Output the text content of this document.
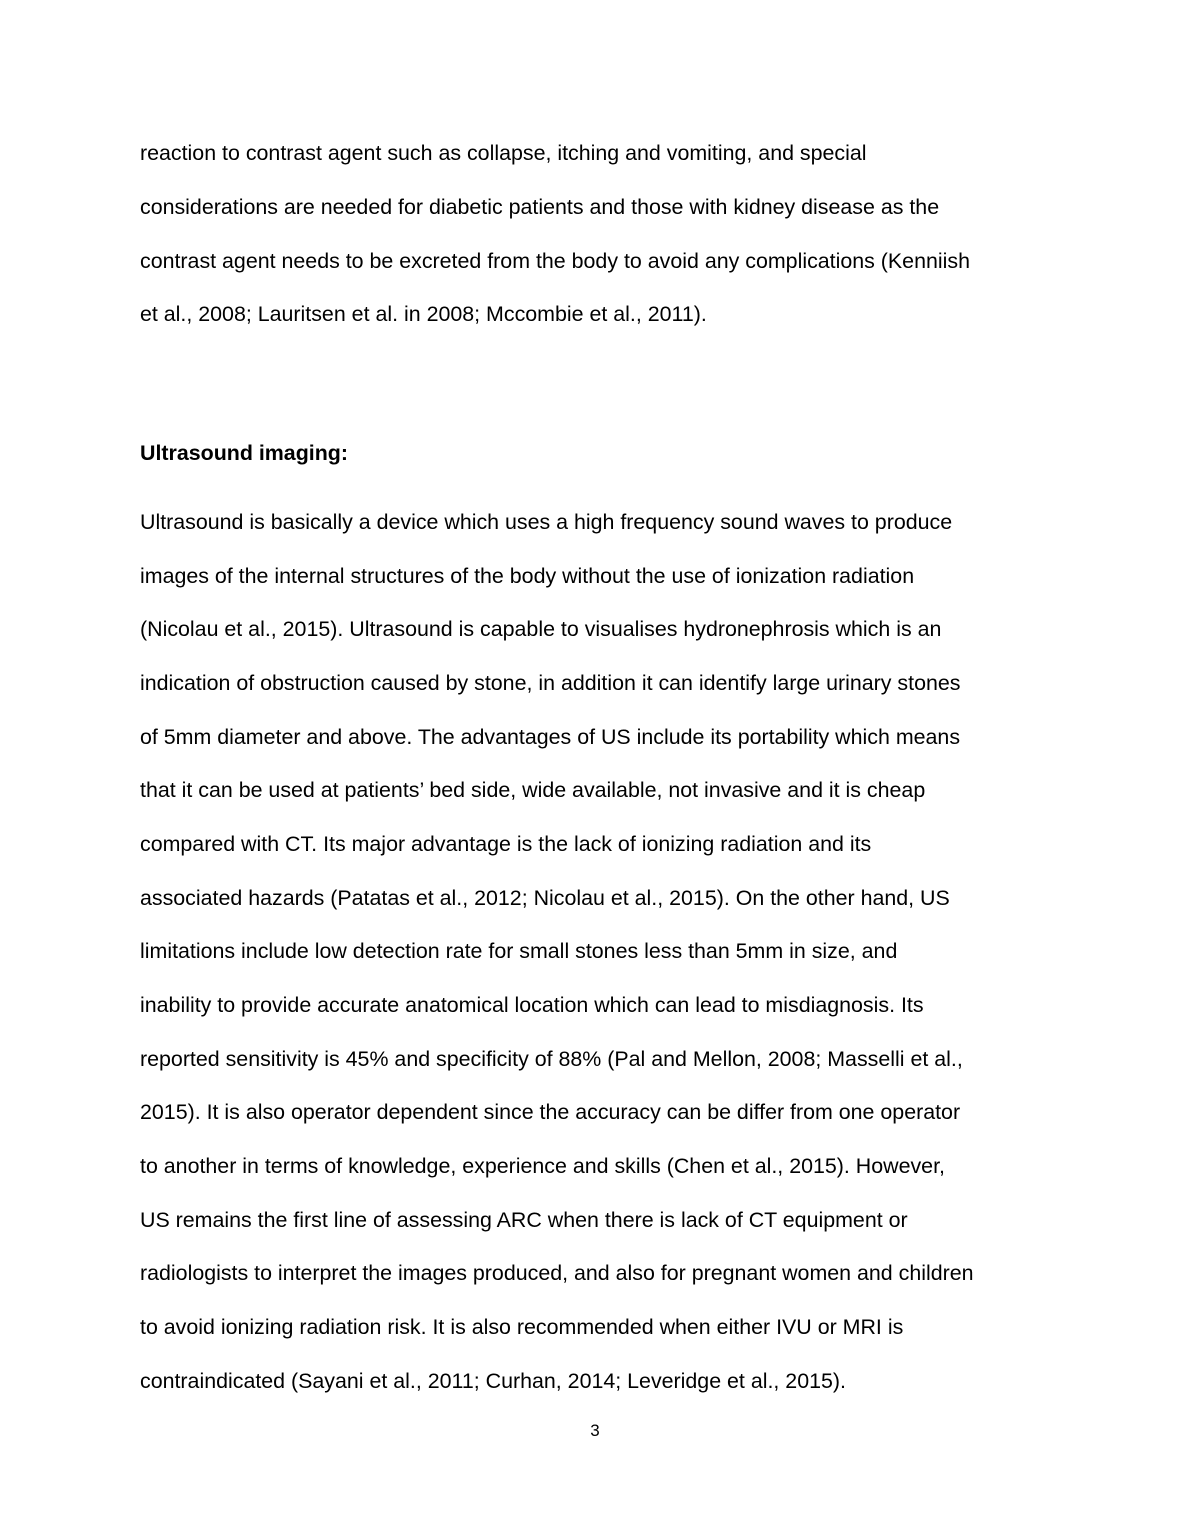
reaction to contrast agent such as collapse, itching and vomiting, and special

considerations are needed for diabetic patients and those with kidney disease as the

contrast agent needs to be excreted from the body to avoid any complications (Kenniish

et al., 2008; Lauritsen et al. in 2008; Mccombie et al., 2011).

Ultrasound imaging:

Ultrasound is basically a device which uses a high frequency sound waves to produce

images of the internal structures of the body without the use of ionization radiation

(Nicolau et al., 2015). Ultrasound is capable to visualises hydronephrosis which is an

indication of obstruction caused by stone, in addition it can identify large urinary stones

of 5mm diameter and above. The advantages of US include its portability which means

that it can be used at patients’ bed side, wide available, not invasive and it is cheap

compared with CT. Its major advantage is the lack of ionizing radiation and its

associated hazards (Patatas et al., 2012; Nicolau et al., 2015). On the other hand, US

limitations include low detection rate for small stones less than 5mm in size, and

inability to provide accurate anatomical location which can lead to misdiagnosis. Its

reported sensitivity is 45% and specificity of 88% (Pal and Mellon, 2008; Masselli et al.,

2015). It is also operator dependent since the accuracy can be differ from one operator

to another in terms of knowledge, experience and skills (Chen et al., 2015). However,

US remains the first line of assessing ARC when there is lack of CT equipment or

radiologists to interpret the images produced, and also for pregnant women and children

to avoid ionizing radiation risk. It is also recommended when either IVU or MRI is

contraindicated (Sayani et al., 2011; Curhan, 2014; Leveridge et al., 2015).

3
